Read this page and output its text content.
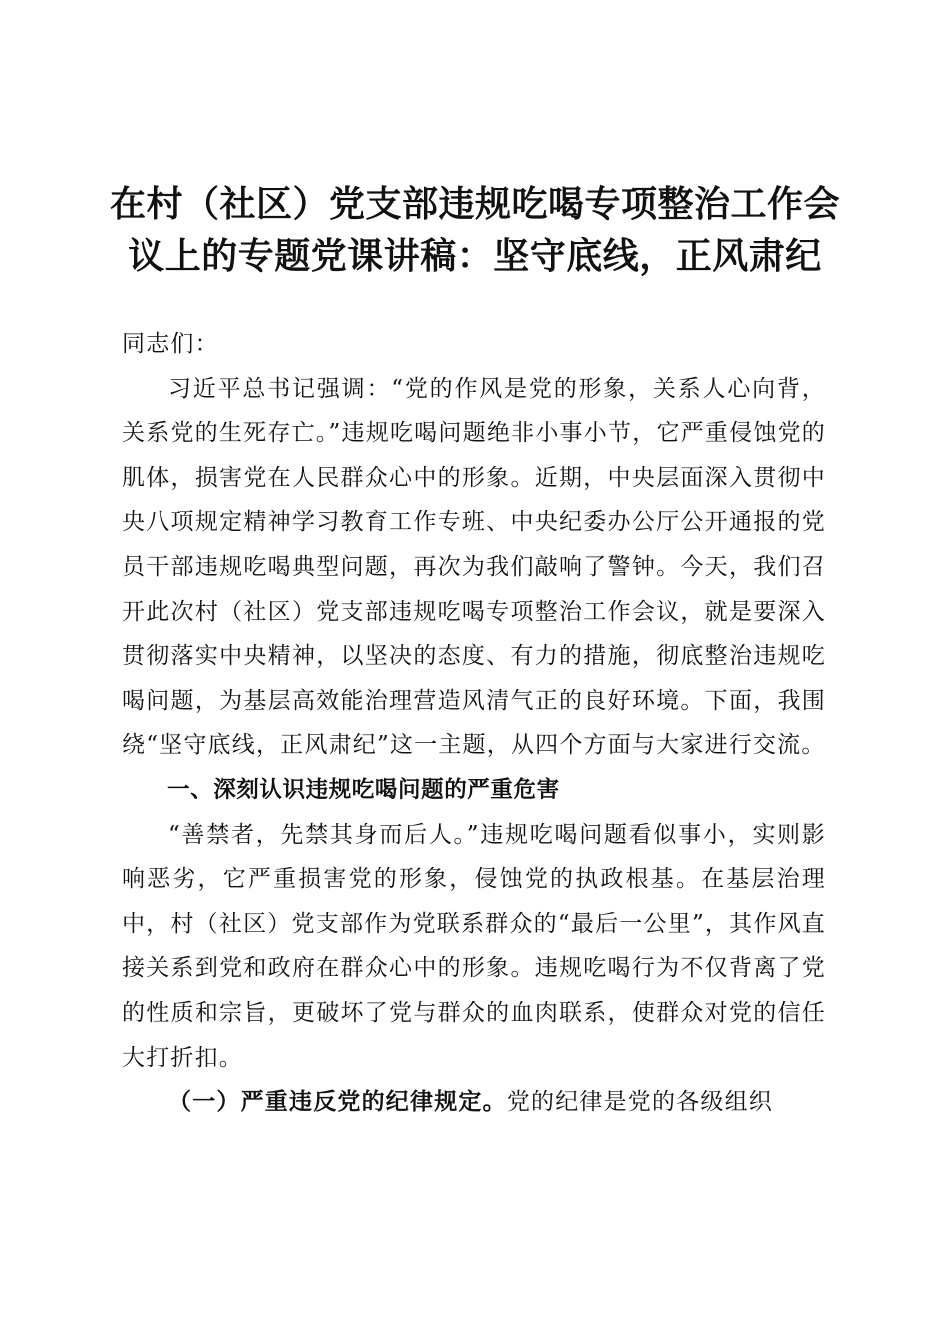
在村（社区）党支部违规吃喝专项整治工作会
议上的专题党课讲稿：坚守底线，正风肃纪

同志们：

习近平总书记强调：“党的作风是党的形象，关系人心向背，关系党的生死存亡。”违规吃喝问题绝非小事小节，它严重侵蚀党的肌体，损害党在人民群众心中的形象。近期，中央层面深入贯彻中央八项规定精神学习教育工作专班、中央纪委办公厅公开通报的党员干部违规吃喝典型问题，再次为我们敲响了警钟。今天，我们召开此次村（社区）党支部违规吃喝专项整治工作会议，就是要深入贯彻落实中央精神，以坚决的态度、有力的措施，彻底整治违规吃喝问题，为基层高效能治理营造风清气正的良好环境。下面，我围绕“坚守底线，正风肃纪”这一主题，从四个方面与大家进行交流。

一、深刻认识违规吃喝问题的严重危害

“善禁者，先禁其身而后人。”违规吃喝问题看似事小，实则影响恶劣，它严重损害党的形象，侵蚀党的执政根基。在基层治理中，村（社区）党支部作为党联系群众的“最后一公里”，其作风直接关系到党和政府在群众心中的形象。违规吃喝行为不仅背离了党的性质和宗旨，更破坏了党与群众的血肉联系，使群众对党的信任大打折扣。

（一）严重违反党的纪律规定。党的纪律是党的各级组织
